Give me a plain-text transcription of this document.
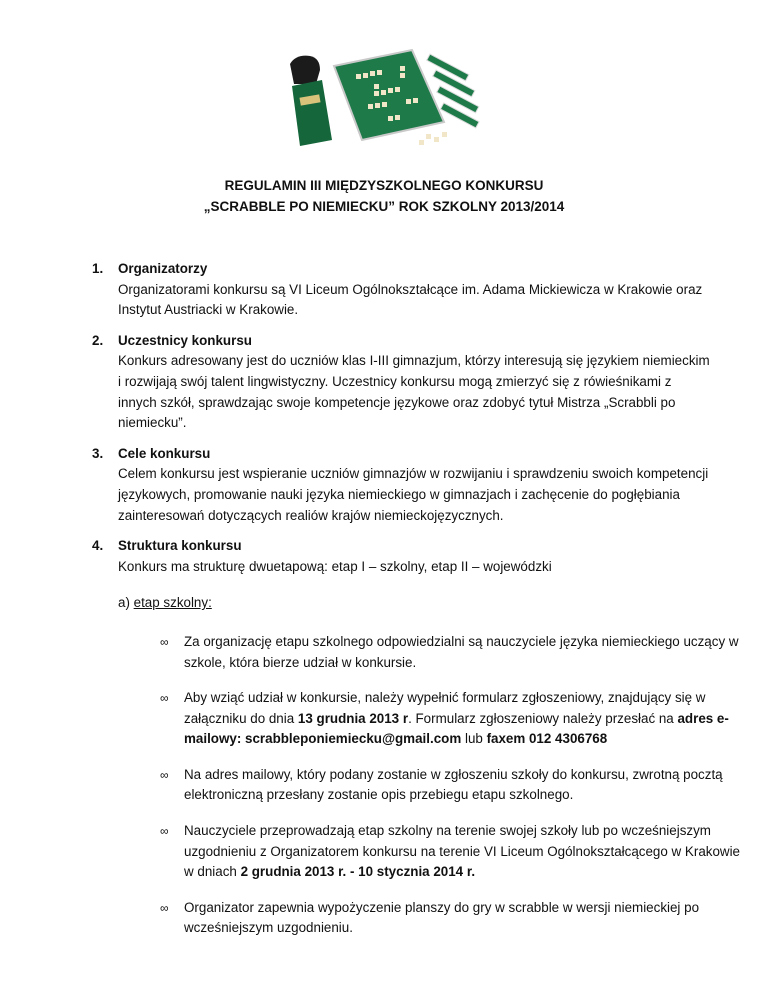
REGULAMIN III MIĘDZYSZKOLNEGO KONKURSU
„SCRABBLE PO NIEMIECKU” ROK SZKOLNY 2013/2014
1. Organizatorzy

Organizatorami konkursu są VI Liceum Ogólnokształcące im. Adama Mickiewicza w Krakowie oraz Instytut Austriacki w Krakowie.

2. Uczestnicy konkursu

Konkurs adresowany jest do uczniów klas I-III gimnazjum, którzy interesują się językiem niemieckim i rozwijają swój talent lingwistyczny. Uczestnicy konkursu mogą zmierzyć się z rówieśnikami z innych szkół, sprawdzając swoje kompetencje językowe oraz zdobyć tytuł Mistrza „Scrabbli po niemiecku”.

3. Cele konkursu

Celem konkursu jest wspieranie uczniów gimnazjów w rozwijaniu i sprawdzeniu swoich kompetencji językowych, promowanie nauki języka niemieckiego w gimnazjach i zachęcenie do pogłębiania zainteresowań dotyczących realiów krajów niemieckojęzycznych.

4. Struktura konkursu

Konkurs ma strukturę dwuetapową: etap I – szkolny, etap II – wojewódzki

a) etap szkolny:
∞ Za organizację etapu szkolnego odpowiedzialni są nauczyciele języka niemieckiego uczący w szkole, która bierze udział w konkursie.
∞ Aby wziąć udział w konkursie, należy wypełnić formularz zgłoszeniowy, znajdujący się w załączniku do dnia 13 grudnia 2013 r. Formularz zgłoszeniowy należy przesłać na adres e-mailowy: scrabbleponiemiecku@gmail.com lub faxem 012 4306768
∞ Na adres mailowy, który podany zostanie w zgłoszeniu szkoły do konkursu, zwrotną pocztą elektroniczną przesłany zostanie opis przebiegu etapu szkolnego.
∞ Nauczyciele przeprowadzają etap szkolny na terenie swojej szkoły lub po wcześniejszym uzgodnieniu z Organizatorem konkursu na terenie VI Liceum Ogólnokształcącego w Krakowie w dniach 2 grudnia 2013 r. - 10 stycznia 2014 r.
∞ Organizator zapewnia wypożyczenie planszy do gry w scrabble w wersji niemieckiej po wcześniejszym uzgodnieniu.
